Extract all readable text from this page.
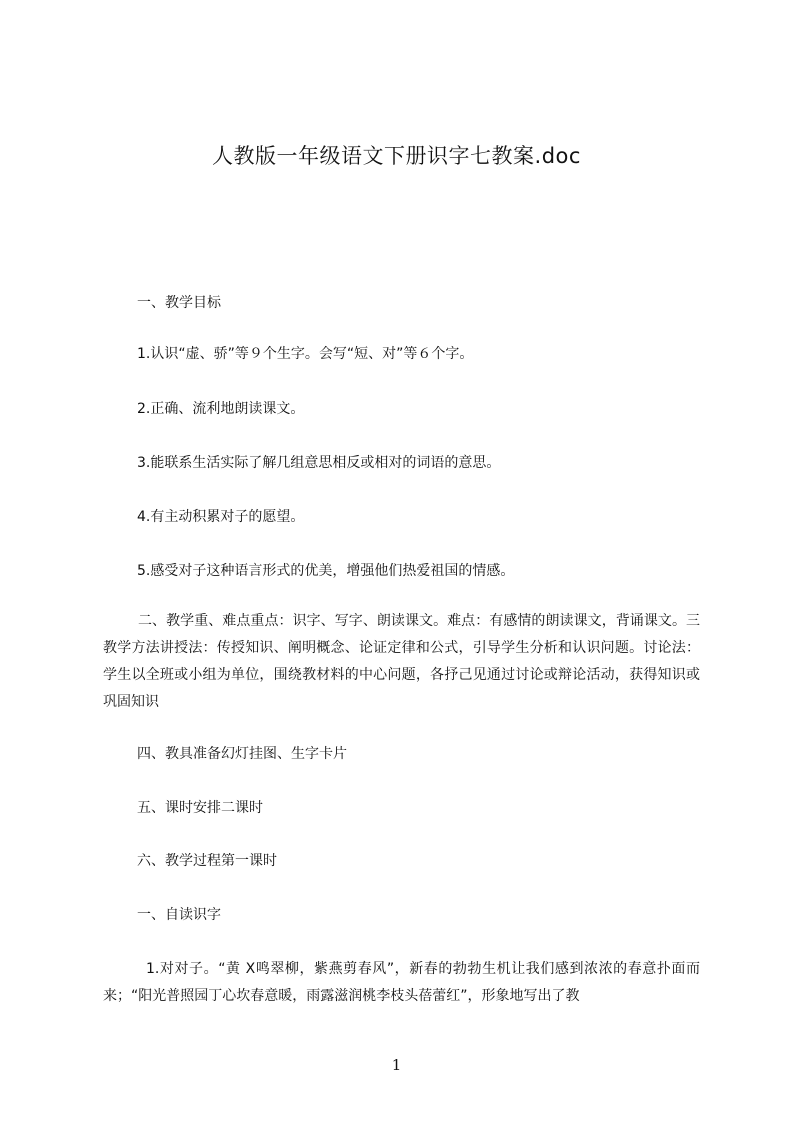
人教版一年级语文下册识字七教案.doc
一、教学目标
1.认识“虚、骄”等９个生字。会写“短、对”等６个字。
2.正确、流利地朗读课文。
3.能联系生活实际了解几组意思相反或相对的词语的意思。
4.有主动积累对子的愿望。
5.感受对子这种语言形式的优美，增强他们热爱祖国的情感。
二、教学重、难点重点：识字、写字、朗读课文。难点：有感情的朗读课文，背诵课文。三教学方法讲授法：传授知识、阐明概念、论证定律和公式，引导学生分析和认识问题。讨论法：学生以全班或小组为单位，围绕教材料的中心问题，各抒己见通过讨论或辩论活动，获得知识或巩固知识
四、教具准备幻灯挂图、生字卡片
五、课时安排二课时
六、教学过程第一课时
一、自读识字
1.对对子。“黄 X鸣翠柳，紫燕剪春风”，新春的勃勃生机让我们感到浓浓的春意扑面而来；“阳光普照园丁心坎春意暖，雨露滋润桃李枝头蓓蕾红”，形象地写出了教
1
